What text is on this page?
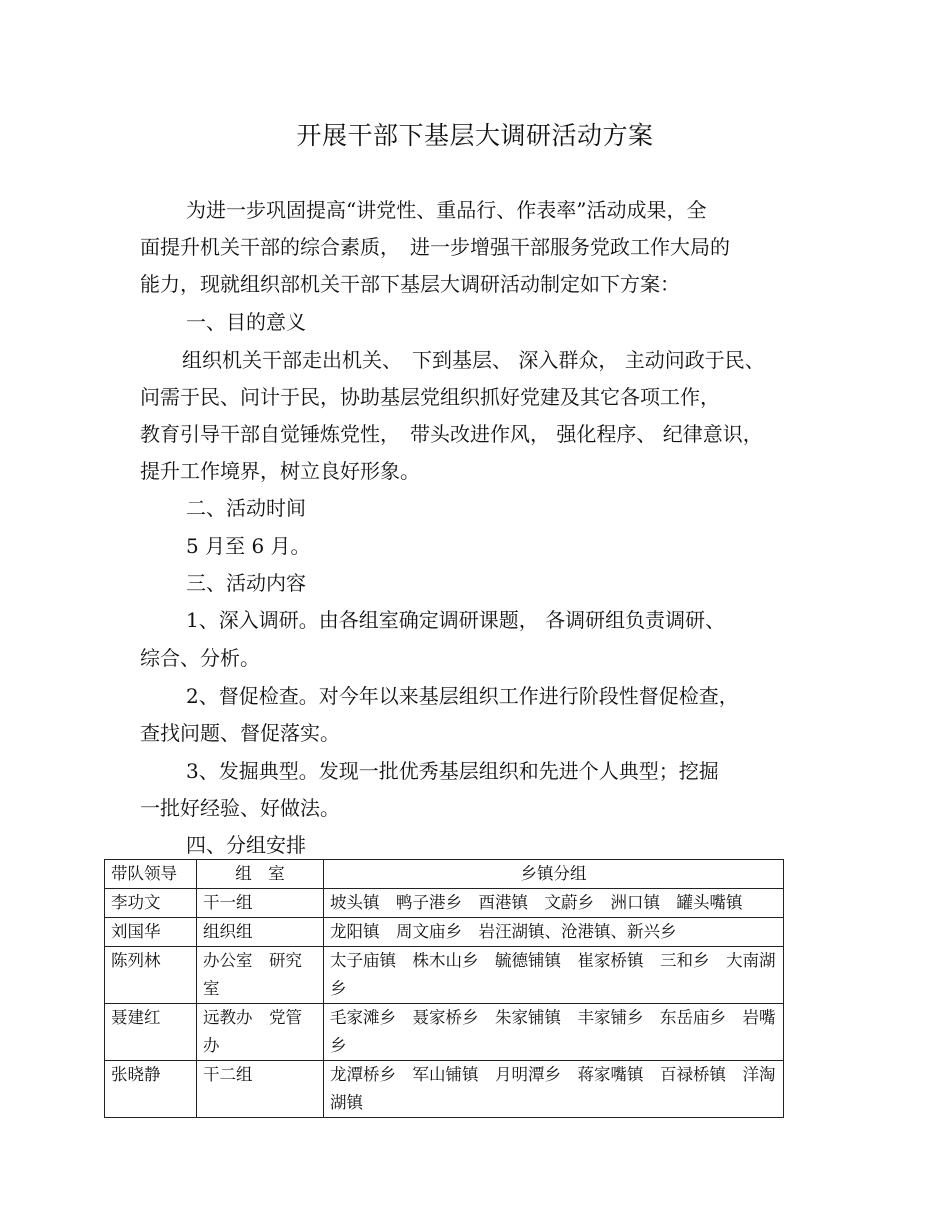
开展干部下基层大调研活动方案
为进一步巩固提高“讲党性、重品行、作表率”活动成果，全
面提升机关干部的综合素质，　进一步增强干部服务党政工作大局的
能力，现就组织部机关干部下基层大调研活动制定如下方案：
一、目的意义
组织机关干部走出机关、　下到基层、 深入群众， 主动问政于民、
问需于民、问计于民，协助基层党组织抓好党建及其它各项工作，
教育引导干部自觉锤炼党性，　带头改进作风， 强化程序、 纪律意识，
提升工作境界，树立良好形象。
二、活动时间
5 月至 6 月。
三、活动内容
1、深入调研。由各组室确定调研课题， 各调研组负责调研、
综合、分析。
2、督促检查。对今年以来基层组织工作进行阶段性督促检查，
查找问题、督促落实。
3、发掘典型。发现一批优秀基层组织和先进个人典型；挖掘
一批好经验、好做法。
四、分组安排
带队领导	组　室	乡镇分组
李功文	干一组	坡头镇　鸭子港乡　酉港镇　文蔚乡　洲口镇　罐头嘴镇
刘国华	组织组	龙阳镇　周文庙乡　岩汪湖镇、沧港镇、新兴乡
陈列林	办公室　研究室	太子庙镇　株木山乡　毓德铺镇　崔家桥镇　三和乡　大南湖乡
聂建红	远教办　党管办	毛家滩乡　聂家桥乡　朱家铺镇　丰家铺乡　东岳庙乡　岩嘴乡
张晓静	干二组	龙潭桥乡　军山铺镇　月明潭乡　蒋家嘴镇　百禄桥镇　洋淘湖镇
